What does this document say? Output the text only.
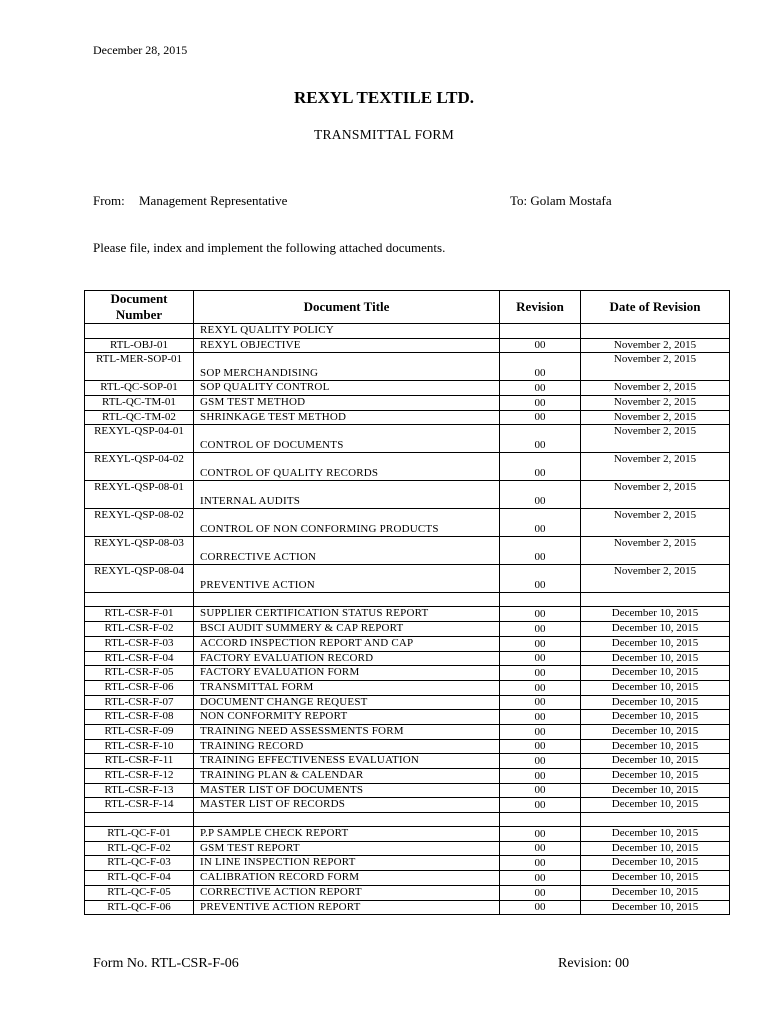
December 28, 2015
REXYL TEXTILE LTD.
TRANSMITTAL FORM
From: Management Representative	To: Golam Mostafa
Please file, index and implement the following attached documents.
Document Number	Document Title	Revision	Date of Revision
	REXYL QUALITY POLICY		
RTL-OBJ-01	REXYL OBJECTIVE	00	November 2, 2015
RTL-MER-SOP-01	SOP MERCHANDISING	00	November 2, 2015
RTL-QC-SOP-01	SOP QUALITY CONTROL	00	November 2, 2015
RTL-QC-TM-01	GSM TEST METHOD	00	November 2, 2015
RTL-QC-TM-02	SHRINKAGE TEST METHOD	00	November 2, 2015
REXYL-QSP-04-01	CONTROL OF DOCUMENTS	00	November 2, 2015
REXYL-QSP-04-02	CONTROL OF QUALITY RECORDS	00	November 2, 2015
REXYL-QSP-08-01	INTERNAL AUDITS	00	November 2, 2015
REXYL-QSP-08-02	CONTROL OF NON CONFORMING PRODUCTS	00	November 2, 2015
REXYL-QSP-08-03	CORRECTIVE ACTION	00	November 2, 2015
REXYL-QSP-08-04	PREVENTIVE ACTION	00	November 2, 2015

RTL-CSR-F-01	SUPPLIER CERTIFICATION STATUS REPORT	00	December 10, 2015
RTL-CSR-F-02	BSCI AUDIT SUMMERY & CAP REPORT	00	December 10, 2015
RTL-CSR-F-03	ACCORD INSPECTION REPORT AND CAP	00	December 10, 2015
RTL-CSR-F-04	FACTORY EVALUATION RECORD	00	December 10, 2015
RTL-CSR-F-05	FACTORY EVALUATION FORM	00	December 10, 2015
RTL-CSR-F-06	TRANSMITTAL FORM	00	December 10, 2015
RTL-CSR-F-07	DOCUMENT CHANGE REQUEST	00	December 10, 2015
RTL-CSR-F-08	NON CONFORMITY REPORT	00	December 10, 2015
RTL-CSR-F-09	TRAINING NEED ASSESSMENTS FORM	00	December 10, 2015
RTL-CSR-F-10	TRAINING RECORD	00	December 10, 2015
RTL-CSR-F-11	TRAINING EFFECTIVENESS EVALUATION	00	December 10, 2015
RTL-CSR-F-12	TRAINING PLAN & CALENDAR	00	December 10, 2015
RTL-CSR-F-13	MASTER LIST OF DOCUMENTS	00	December 10, 2015
RTL-CSR-F-14	MASTER LIST OF RECORDS	00	December 10, 2015

RTL-QC-F-01	P.P SAMPLE CHECK REPORT	00	December 10, 2015
RTL-QC-F-02	GSM TEST REPORT	00	December 10, 2015
RTL-QC-F-03	IN LINE INSPECTION REPORT	00	December 10, 2015
RTL-QC-F-04	CALIBRATION RECORD FORM	00	December 10, 2015
RTL-QC-F-05	CORRECTIVE ACTION REPORT	00	December 10, 2015
RTL-QC-F-06	PREVENTIVE ACTION REPORT	00	December 10, 2015
Form No. RTL-CSR-F-06	Revision: 00
